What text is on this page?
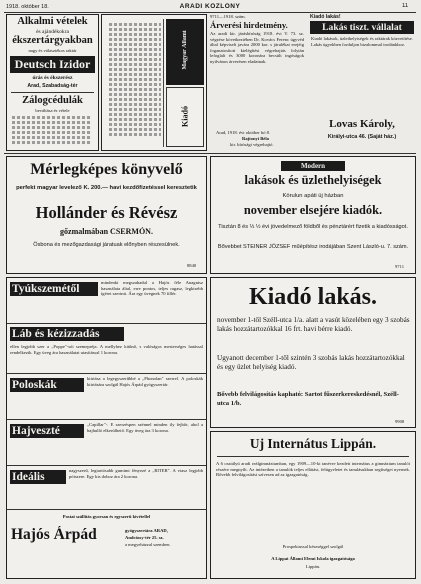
1918. október 18.	ARADI KÖZLÖNY	11
Alkalmi vételek
és ajándékokra
ékszertárgyakban
nagy és választékos raktár
Deutsch Izidor
órás és ékszerész
Arad, Szabadság-tér
Zálogcédulák
beváltása és vétele
Magyar Állami
Kiadó
9711—1918. szám.
Árverési hirdetmény.
Az aradi kir. járásbíróság 1918. évi V. 73. sz. végzése következtében Dr. Kovács Ferenc ügyvéd által képviselt javára 2000 kor. s járulékai erejéig foganatosított kielégítési végrehajtás folytán lefoglalt és 3000 koronára becsült ingóságok nyilvános árverésen eladatnak.
Arad, 1918. évi október hó 8.
Rajtonyi Béla
kir. bírósági végrehajtó.
Kiadó lakás!
Lakás tiszt. vállalat
Kiadó lakások, üzlethelyiségek és raktárak közvetítése. Lakás ügyekben forduljon bizalommal irodánkhoz.
Lovas Károly,
Királyi-utca 46. (Saját ház.)
Mérlegképes könyvelő
perfekt magyar levelező K. 200.— havi kezdőfizetéssel keresztetik
Hollánder és Révész
gőzmalmában CSERMÓN.
Ösbona és mezőgazdasági járatuak előnyben részesülnek.
8840
Modern
lakások és üzlethelyiségek
Körulun apáti új házban
november elsejére kiadók.
Tisztán 8 és ⅓ ½ évi jövedelmező földből és pénztárért fizetik a kiadósságot.
Bővebbet STEINER JÓZSEF műépítész irodájában Szent László-u. 7. szám.
9711
Tyúkszemétől
mindenki megszabadul a Hajós féle Anagnisz használata által, erre pontos, teljes ragasz, legkisebb ígéret szerinti. Ára egy üvegnek 70 fillér.
Láb és kézizzadás
ellen legjobb szer a „Poppe"-sói szemepréja. A mellyhez kitűnő, s valóságos mesterséges hatással rendelkezik. Egy üveg ára használatai utasítással 1 korona.
Poloskák
kiirtása a legegyszerűbbé a „Phonolan" szerrel. A poloskák kiirtására szolgál Hajós Árpád gyógyszertár.
Hajveszté
„Capillar"-. E szerzéspen szénnel minden ily fejbőr, ahol a hajhulló elkerülhető. Egy üveg ára 3 korona.
Ideális
nagyszerű, legtartósabb gumimi fényezé a „RITER". A viasz legjobb pótszere. Egy kis doboz ára 2 korona.
Postai szállítás gyorsan és egyszerű kivétellel
Hajós Árpád	gyógyszertára ARAD,
Andrássy-tér 25. sz.
a megyeházzal szemben.
Kiadó lakás.
november 1-től Széll-utca 1/a. alatt a vasút közelében egy 3 szobás lakás hozzátartozókkal 16 frt. havi bérre kiadó.
Ugyanott december 1-től szintén 3 szobás lakás hozzátartozókkal és egy üzlet helyiség kiadó.
Bővebb felvilágosítás kapható: Sartot fűszerkereskedésnél, Széll-utca 1/b.
9908
Uj Internátus Lippán.
A 6 osztályú aradi reálgimnáziumban, egy 1909—10-ki tanévre kezdett internátus a gimnázium tanulói részére megnyílt. Az intézetben a tanulók teljes ellátást, felügyeletet és tanulásukban segítséget nyernek. Bővebb felvilágosítást szívesen ad az igazgatóság.
Prospektussal készséggel szolgál
A Lippai Állami Elemi Iskola igazgatósága
Lippán.
